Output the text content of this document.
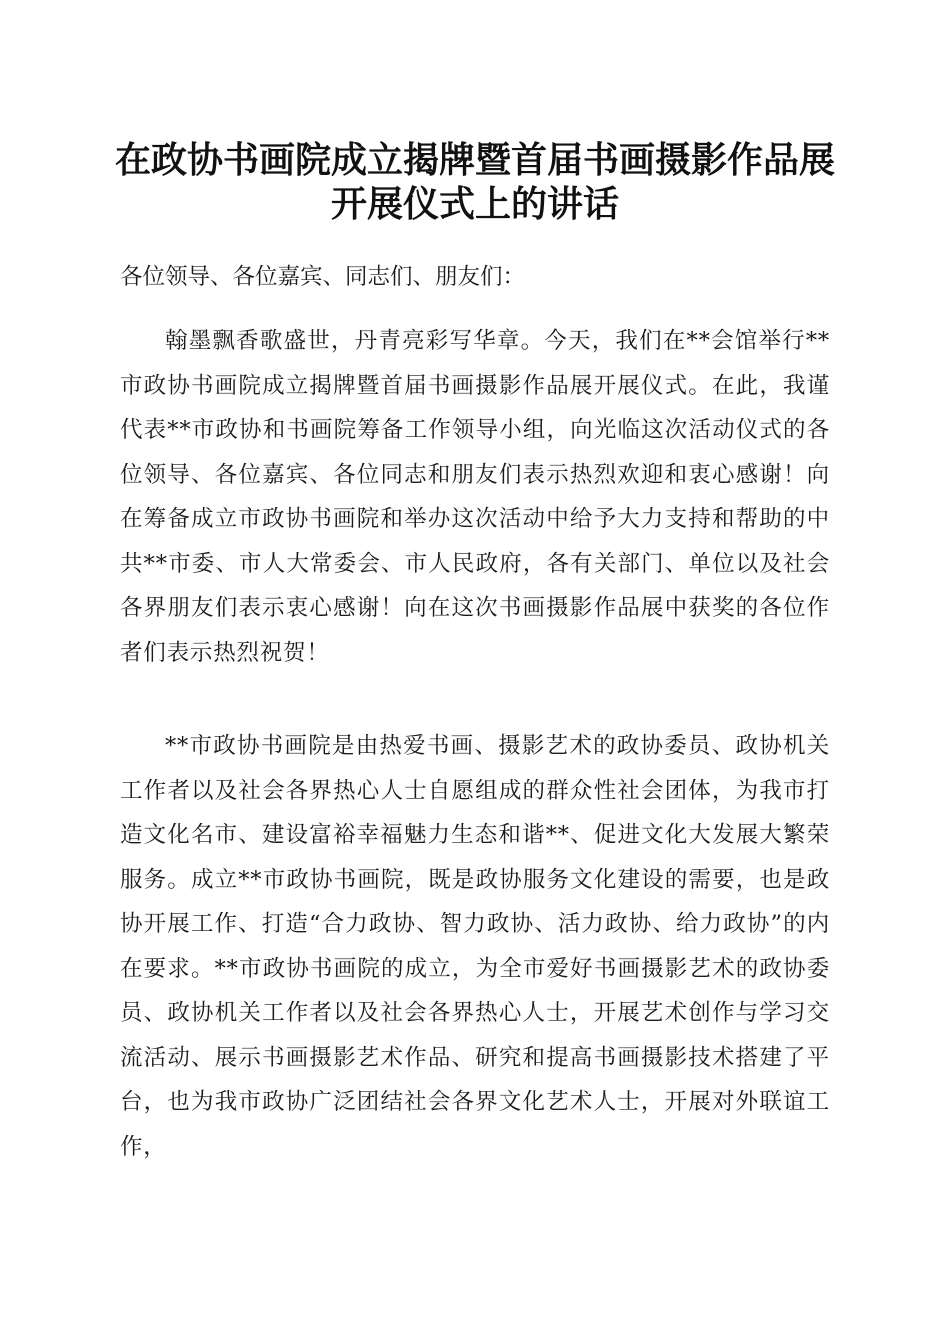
在政协书画院成立揭牌暨首届书画摄影作品展
开展仪式上的讲话
各位领导、各位嘉宾、同志们、朋友们：

翰墨飘香歌盛世，丹青亮彩写华章。今天，我们在**会馆举行**市政协书画院成立揭牌暨首届书画摄影作品展开展仪式。在此，我谨代表**市政协和书画院筹备工作领导小组，向光临这次活动仪式的各位领导、各位嘉宾、各位同志和朋友们表示热烈欢迎和衷心感谢！向在筹备成立市政协书画院和举办这次活动中给予大力支持和帮助的中共**市委、市人大常委会、市人民政府，各有关部门、单位以及社会各界朋友们表示衷心感谢！向在这次书画摄影作品展中获奖的各位作者们表示热烈祝贺！

**市政协书画院是由热爱书画、摄影艺术的政协委员、政协机关工作者以及社会各界热心人士自愿组成的群众性社会团体，为我市打造文化名市、建设富裕幸福魅力生态和谐**、促进文化大发展大繁荣服务。成立**市政协书画院，既是政协服务文化建设的需要，也是政协开展工作、打造“合力政协、智力政协、活力政协、给力政协”的内在要求。**市政协书画院的成立，为全市爱好书画摄影艺术的政协委员、政协机关工作者以及社会各界热心人士，开展艺术创作与学习交流活动、展示书画摄影艺术作品、研究和提高书画摄影技术搭建了平台，也为我市政协广泛团结社会各界文化艺术人士，开展对外联谊工作，
